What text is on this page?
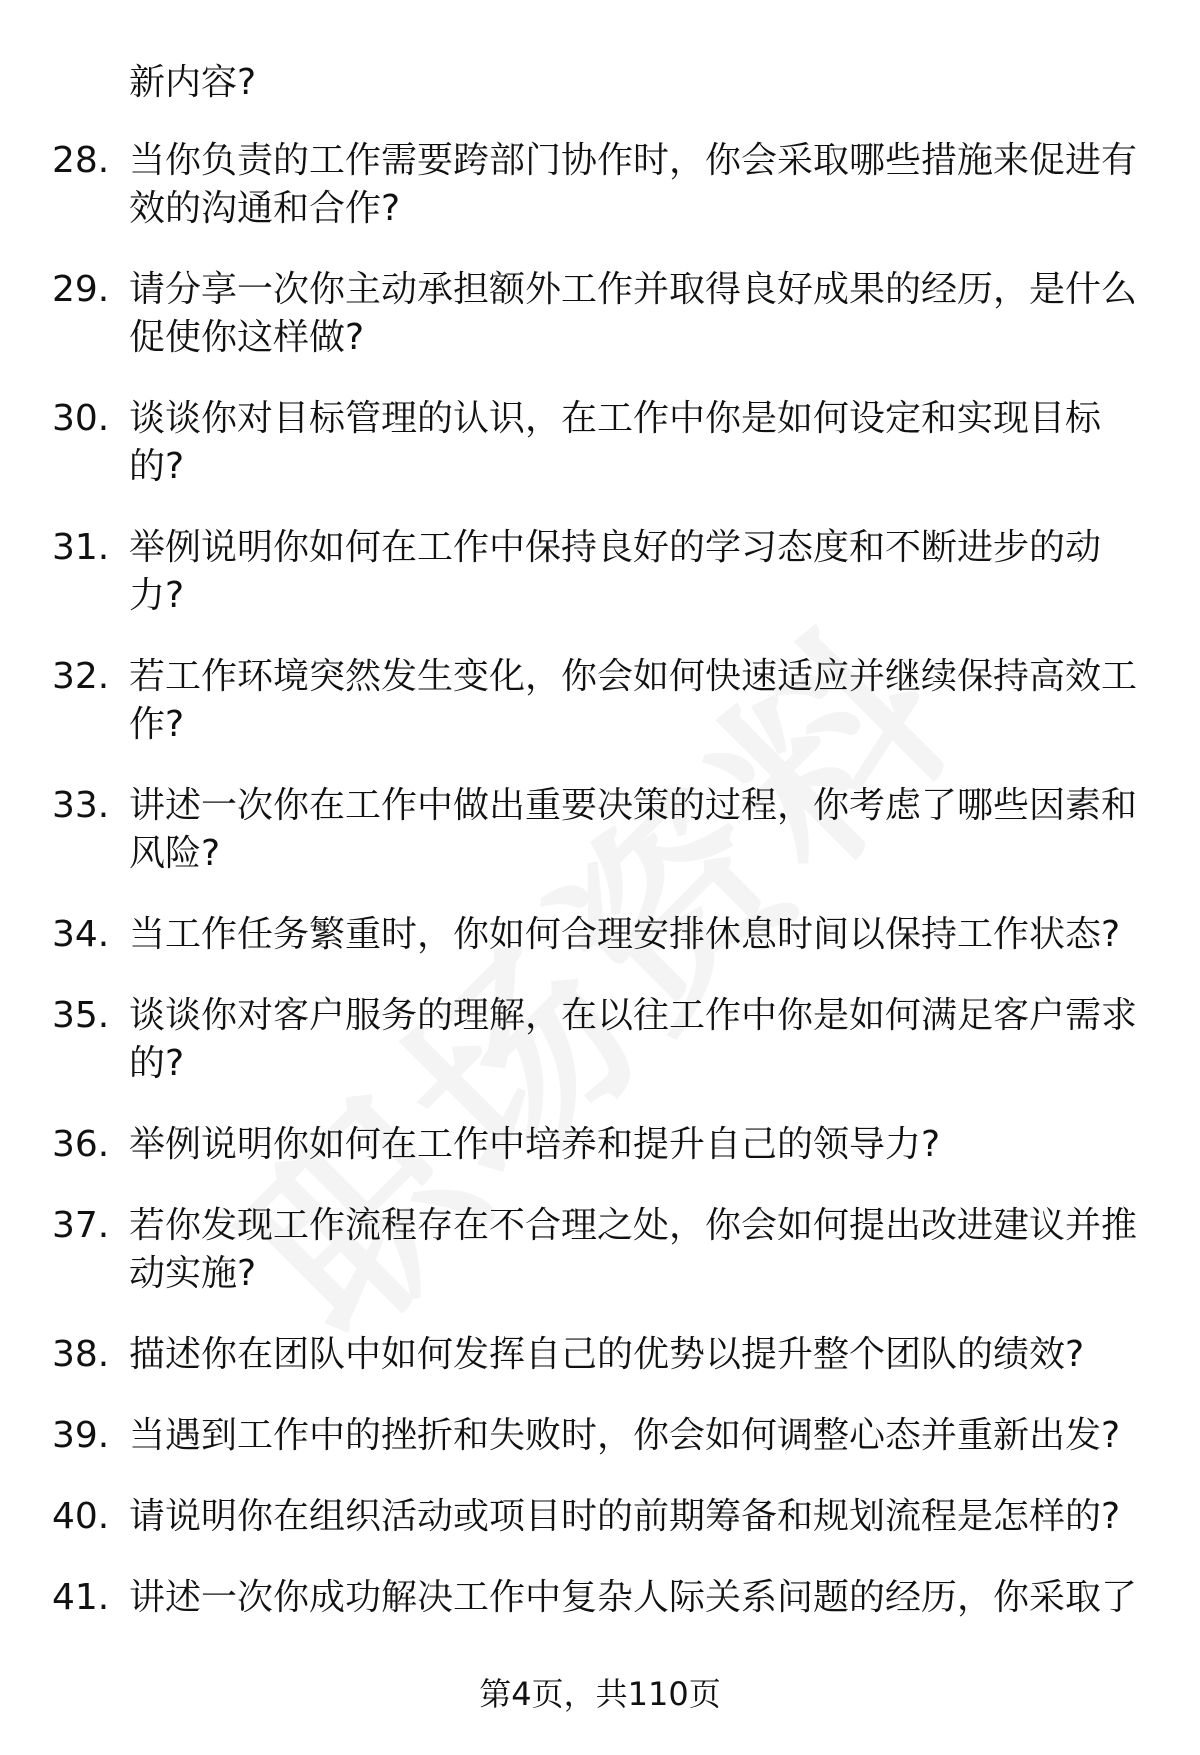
新内容?
28. 当你负责的工作需要跨部门协作时，你会采取哪些措施来促进有效的沟通和合作?
29. 请分享一次你主动承担额外工作并取得良好成果的经历，是什么促使你这样做?
30. 谈谈你对目标管理的认识，在工作中你是如何设定和实现目标的?
31. 举例说明你如何在工作中保持良好的学习态度和不断进步的动力?
32. 若工作环境突然发生变化，你会如何快速适应并继续保持高效工作?
33. 讲述一次你在工作中做出重要决策的过程，你考虑了哪些因素和风险?
34. 当工作任务繁重时，你如何合理安排休息时间以保持工作状态?
35. 谈谈你对客户服务的理解，在以往工作中你是如何满足客户需求的?
36. 举例说明你如何在工作中培养和提升自己的领导力?
37. 若你发现工作流程存在不合理之处，你会如何提出改进建议并推动实施?
38. 描述你在团队中如何发挥自己的优势以提升整个团队的绩效?
39. 当遇到工作中的挫折和失败时，你会如何调整心态并重新出发?
40. 请说明你在组织活动或项目时的前期筹备和规划流程是怎样的?
41. 讲述一次你成功解决工作中复杂人际关系问题的经历，你采取了
第4页，共110页
